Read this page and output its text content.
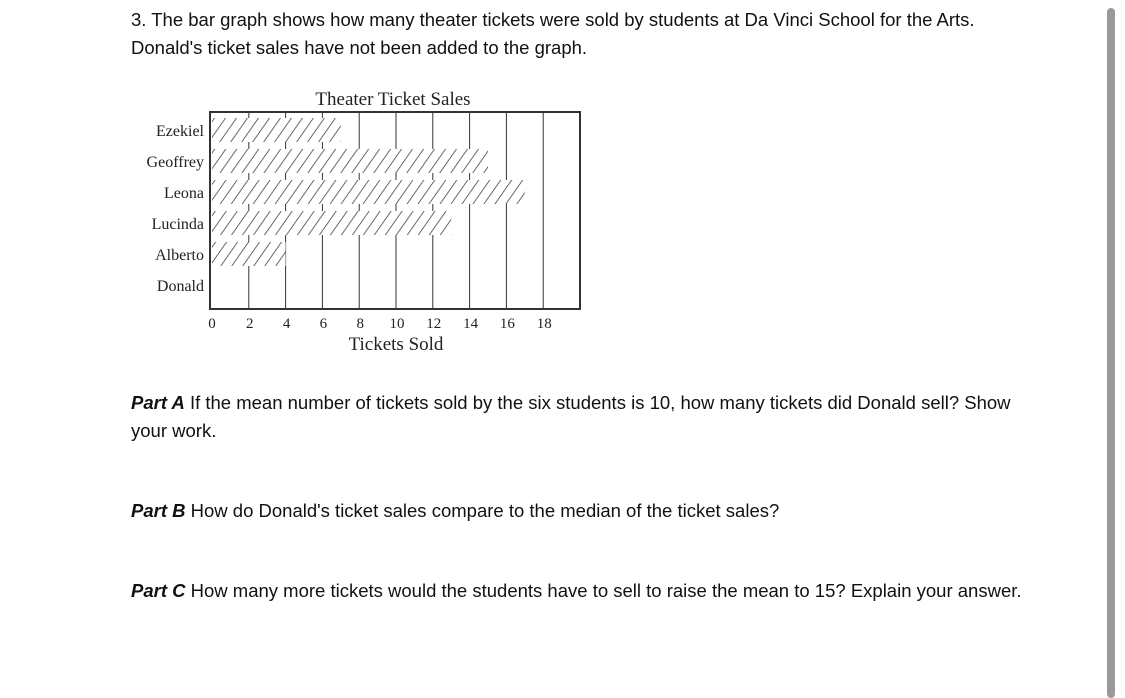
3. The bar graph shows how many theater tickets were sold by students at Da Vinci School for the Arts. Donald's ticket sales have not been added to the graph.

Theater Ticket Sales
Ezekiel
Geoffrey
Leona
Lucinda
Alberto
Donald
0 2 4 6 8 10 12 14 16 18
Tickets Sold

Part A If the mean number of tickets sold by the six students is 10, how many tickets did Donald sell? Show your work.

Part B How do Donald's ticket sales compare to the median of the ticket sales?

Part C How many more tickets would the students have to sell to raise the mean to 15? Explain your answer.
